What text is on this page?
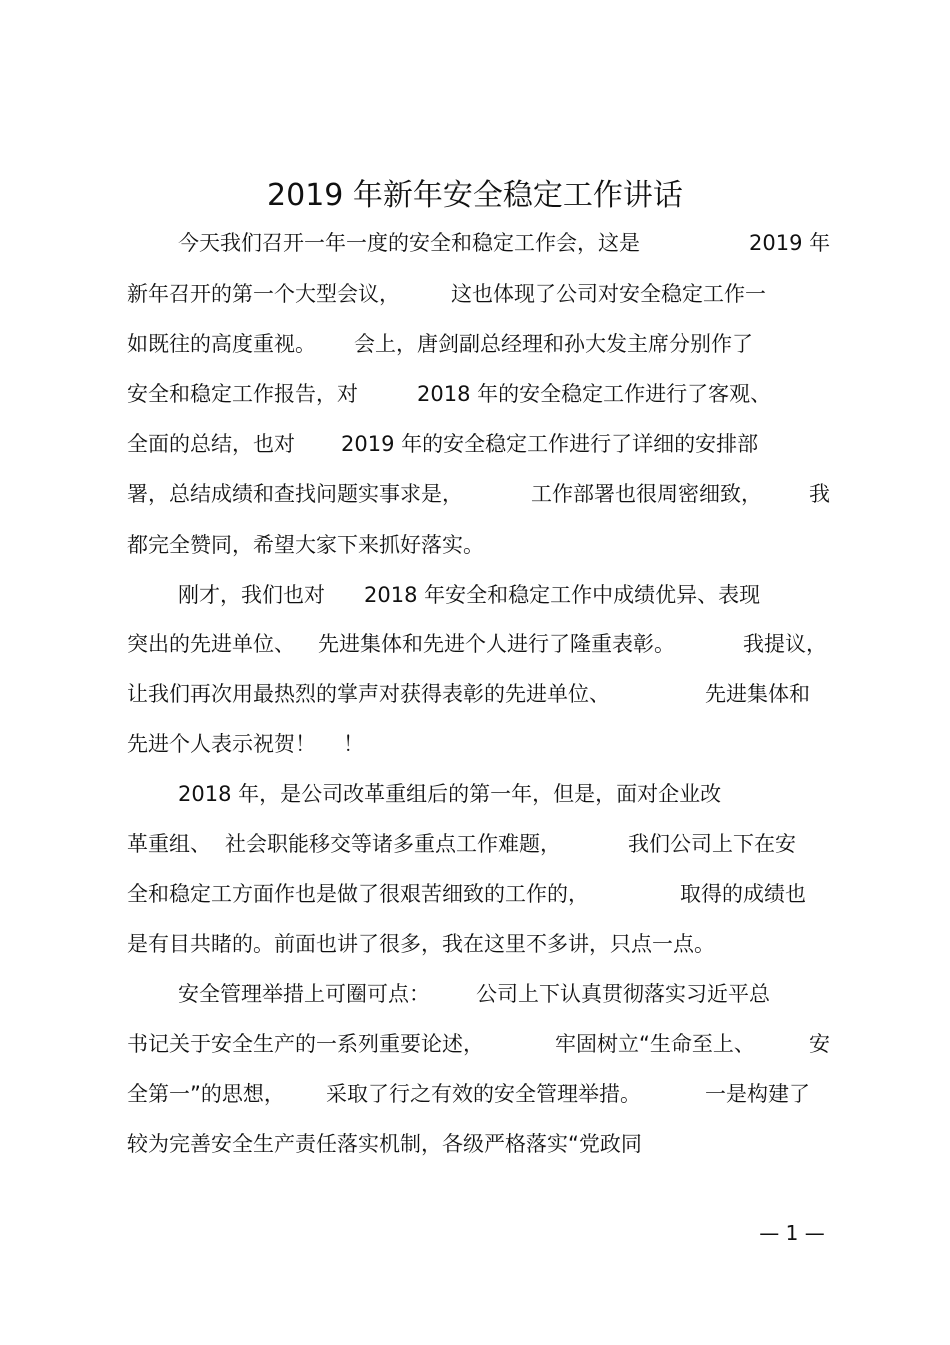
2019 年新年安全稳定工作讲话
今天我们召开一年一度的安全和稳定工作会，这是	2019 年
新年召开的第一个大型会议， 这也体现了公司对安全稳定工作一
如既往的高度重视。 会上，唐剑副总经理和孙大发主席分别作了
安全和稳定工作报告，对	2018 年的安全稳定工作进行了客观、
全面的总结，也对 2019 年的安全稳定工作进行了详细的安排部
署，总结成绩和查找问题实事求是，	工作部署也很周密细致， 我
都完全赞同，希望大家下来抓好落实。
刚才，我们也对 2018 年安全和稳定工作中成绩优异、表现
突出的先进单位、 先进集体和先进个人进行了隆重表彰。	我提议，
让我们再次用最热烈的掌声对获得表彰的先进单位、	先进集体和
先进个人表示祝贺！ ！
2018 年，是公司改革重组后的第一年，但是，面对企业改
革重组、 社会职能移交等诸多重点工作难题，	我们公司上下在安
全和稳定工方面作也是做了很艰苦细致的工作的，	取得的成绩也
是有目共睹的。前面也讲了很多，我在这里不多讲，只点一点。
安全管理举措上可圈可点： 公司上下认真贯彻落实习近平总
书记关于安全生产的一系列重要论述，	牢固树立“生命至上、	安
全第一”的思想， 采取了行之有效的安全管理举措。	一是构建了
较为完善安全生产责任落实机制，各级严格落实“党政同
— 1 —
